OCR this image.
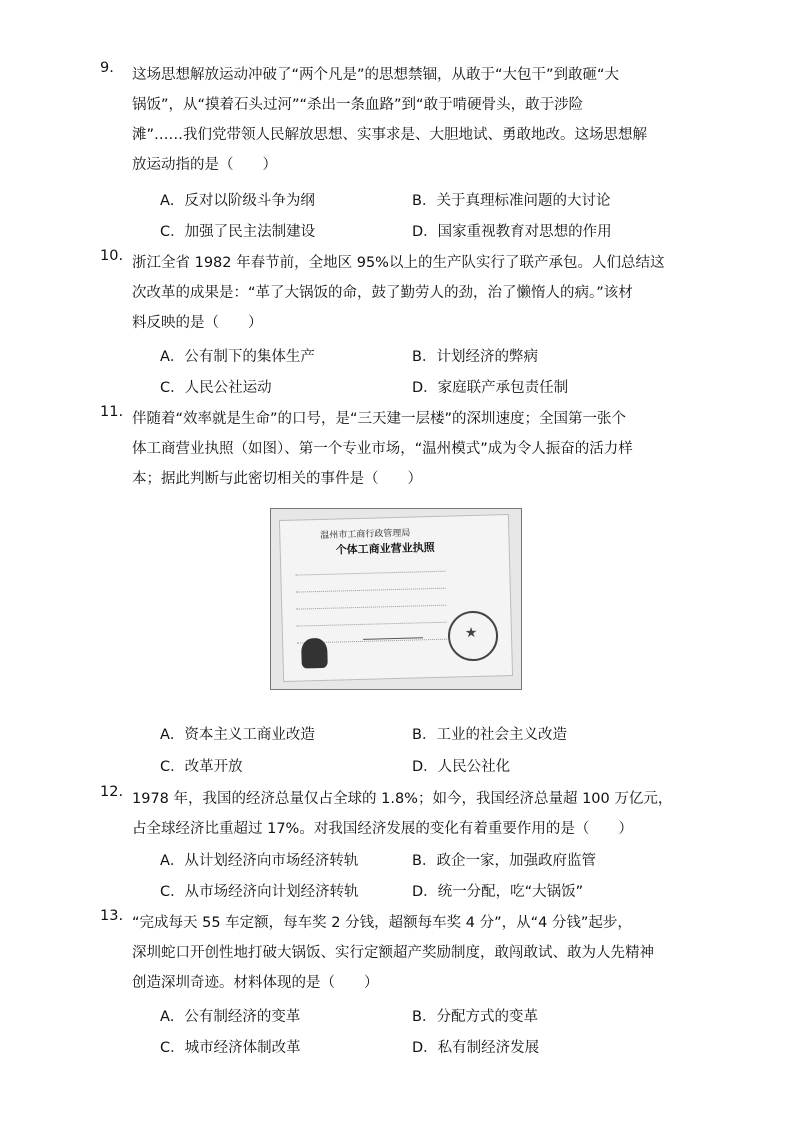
9.	这场思想解放运动冲破了“两个凡是”的思想禁锢，从敢于“大包干”到敢砸“大
锅饭”，从“摸着石头过河”“杀出一条血路”到“敢于啃硬骨头，敢于涉险
滩”……我们党带领人民解放思想、实事求是、大胆地试、勇敢地改。这场思想解
放运动指的是（　　）
A．反对以阶级斗争为纲	B．关于真理标准问题的大讨论
C．加强了民主法制建设	D．国家重视教育对思想的作用
10. 浙江全省 1982 年春节前，全地区 95%以上的生产队实行了联产承包。人们总结这
次改革的成果是：“革了大锅饭的命，鼓了勤劳人的劲，治了懒惰人的病。”该材
料反映的是（　　）
A．公有制下的集体生产	B．计划经济的弊病
C．人民公社运动	D．家庭联产承包责任制
11. 伴随着“效率就是生命”的口号，是“三天建一层楼”的深圳速度；全国第一张个
体工商营业执照（如图）、第一个专业市场，“温州模式”成为令人振奋的活力样
本；据此判断与此密切相关的事件是（　　）
温州市工商行政管理局
个体工商业营业执照
★
A．资本主义工商业改造	B．工业的社会主义改造
C．改革开放	D．人民公社化
12. 1978 年，我国的经济总量仅占全球的 1.8%；如今，我国经济总量超 100 万亿元，
占全球经济比重超过 17%。对我国经济发展的变化有着重要作用的是（　　）
A．从计划经济向市场经济转轨	B．政企一家，加强政府监管
C．从市场经济向计划经济转轨	D．统一分配，吃“大锅饭”
13. “完成每天 55 车定额，每车奖 2 分钱，超额每车奖 4 分”，从“4 分钱”起步，
深圳蛇口开创性地打破大锅饭、实行定额超产奖励制度，敢闯敢试、敢为人先精神
创造深圳奇迹。材料体现的是（　　）
A．公有制经济的变革	B．分配方式的变革
C．城市经济体制改革	D．私有制经济发展
